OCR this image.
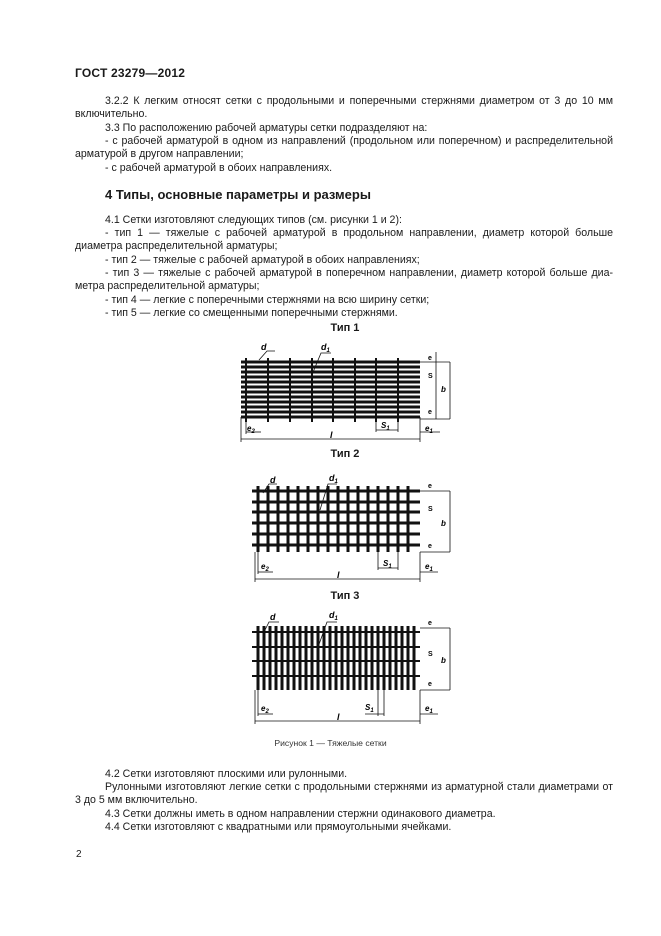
ГОСТ 23279—2012
3.2.2 К легким относят сетки с продольными и поперечными стержнями диаметром от 3 до 10 мм включительно.
3.3 По расположению рабочей арматуры сетки подразделяют на:
- с рабочей арматурой в одном из направлений (продольном или поперечном) и распределительной арматурой в другом направлении;
- с рабочей арматурой в обоих направлениях.
4 Типы, основные параметры и размеры
4.1 Сетки изготовляют следующих типов (см. рисунки 1 и 2):
- тип 1 — тяжелые с рабочей арматурой в продольном направлении, диаметр которой больше диаметра распределительной арматуры;
- тип 2 — тяжелые с рабочей арматурой в обоих направлениях;
- тип 3 — тяжелые с рабочей арматурой в поперечном направлении, диаметр которой больше диаметра распределительной арматуры;
- тип 4 — легкие с поперечными стержнями на всю ширину сетки;
- тип 5 — легкие со смещенными поперечными стержнями.
Тип 1
d	$d_1$
$e_2$
$S_1$	$e_1$
l
e
S
e
b
Тип 2
d	$d_1$
$e_2$
$S_1$	$e_1$
l
e
S
e
b
Тип 3
d	$d_1$
$e_2$	$S_1$	$e_1$
l
e
S
e
b
Рисунок 1 — Тяжелые сетки
4.2 Сетки изготовляют плоскими или рулонными.
Рулонными изготовляют легкие сетки с продольными стержнями из арматурной стали диаметрами от 3 до 5 мм включительно.
4.3 Сетки должны иметь в одном направлении стержни одинакового диаметра.
4.4 Сетки изготовляют с квадратными или прямоугольными ячейками.
2
